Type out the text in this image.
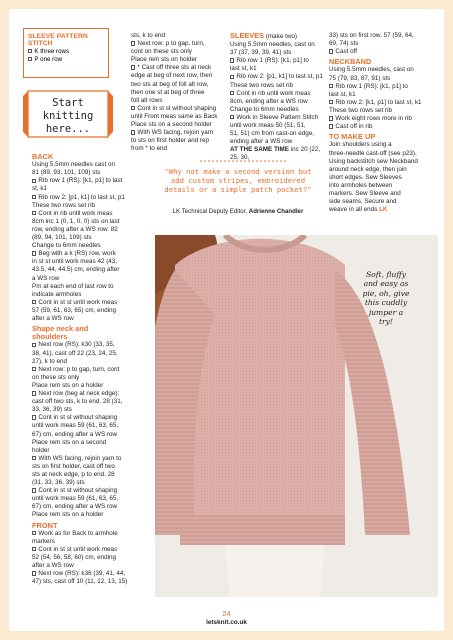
SLEEVE PATTERN

STITCH

K three rows
P one row
Start
knitting
here...

BACK

Using 5.5mm needles cast on

81 (89, 93, 101, 109) sts

Rib row 1 (RS): [k1, p1] to last

st, k1

Rib row 2: [p1, k1] to last st, p1

These two rows set rib

Cont in rib until work meas

8cm inc 1 (0, 1, 0, 0) sts on last

row, ending after a WS row. 82

(89, 94, 101, 109) sts

Change to 6mm needles

Beg with a k (RS) row, work

in st st until work meas 42 (43,

43.5, 44, 44.5) cm, ending after

a WS row

Pm at each end of last row to

indicate armholes

Cont in st st until work meas

57 (59, 61, 63, 65) cm, ending

after a WS row

Shape neck and

shoulders

Next row (RS): k30 (33, 35,

38, 41), cast off 22 (23, 24, 25,

27), k to end

Next row: p to gap, turn, cont

on these sts only

Place rem sts on a holder

Next row (beg at neck edge):

cast off two sts, k to end. 28 (31,

33, 36, 39) sts

Cont in st st without shaping

until work meas 59 (61, 63, 65,

67) cm, ending after a WS row

Place rem sts on a second

holder

With WS facing, rejoin yarn to

sts on first holder, cast off two

sts at neck edge, p to end. 28

(31, 33, 36, 39) sts

Cont in st st without shaping

until work meas 59 (61, 63, 65,

67) cm, ending after a WS row

Place rem sts on a holder

FRONT

Work as for Back to armhole

markers

Cont in st st until work meas

52 (54, 56, 58, 60) cm, ending

after a WS row

Next row (RS): k36 (39, 41, 44,

47) sts, cast off 10 (11, 12, 13, 15)

sts, k to end

Next row: p to gap, turn,

cont on these sts only

Place rem sts on holder

* Cast off three sts at neck

edge at beg of next row, then

two sts at beg of foll alt row,

then one st at beg of three

foll alt rows

Cont in st st without shaping

until Front meas same as Back

Place sts on a second holder

With WS facing, rejoin yarn

to sts on first holder and rep

from * to end

SLEEVES (make two)

Using 5.5mm needles, cast on

37 (37, 39, 39, 41) sts

Rib row 1 (RS): [k1, p1] to

last st, k1

Rib row 2: [p1, k1] to last st, p1

These two rows set rib

Cont in rib until work meas

8cm, ending after a WS row

Change to 6mm needles

Work in Sleeve Pattern Stitch

until work meas 50 (51, 51,

51, 51) cm from cast-on edge,

ending after a WS row

AT THE SAME TIME inc 20 (22, 25, 30,

33) sts on first row. 57 (59, 64,

69, 74) sts

Cast off

NECKBAND

Using 5.5mm needles, cast on

75 (79, 83, 87, 91) sts

Rib row 1 (RS): [k1, p1] to

last st, k1

Rib row 2: [k1, p1] to last st, k1

These two rows set rib

Work eight rows more in rib

Cast off in rib

TO MAKE UP

Join shoulders using a

three-needle cast-off (see p23).

Using backstitch sew Neckband

around neck edge, then join

short edges. Sew Sleeves

into armholes between

markers. Sew Sleeve and

side seams. Secure and

weave in all ends LK

"Why not make a second version but
add custom stripes, embroidered
details or a simple patch pocket?"
LK Technical Deputy Editor, Adrienne Chandler
Soft, fluffy
and easy as
pie, oh, give
this cuddly
jumper a
try!
24
letsknit.co.uk
